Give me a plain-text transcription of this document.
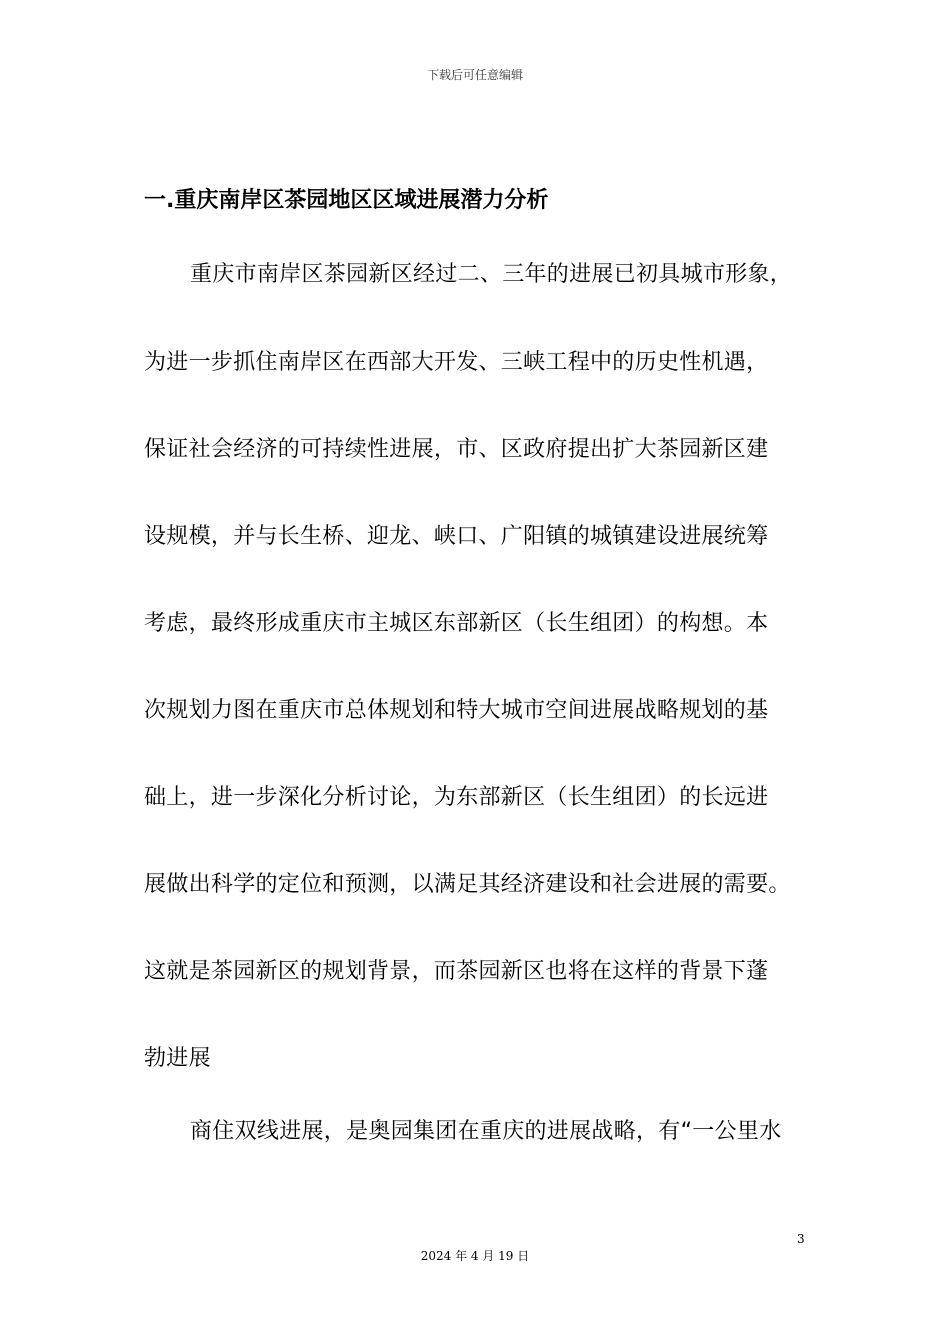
下载后可任意编辑
一.重庆南岸区茶园地区区域进展潜力分析
重庆市南岸区茶园新区经过二、三年的进展已初具城市形象，
为进一步抓住南岸区在西部大开发、三峡工程中的历史性机遇，
保证社会经济的可持续性进展，市、区政府提出扩大茶园新区建
设规模，并与长生桥、迎龙、峡口、广阳镇的城镇建设进展统筹
考虑，最终形成重庆市主城区东部新区（长生组团）的构想。本
次规划力图在重庆市总体规划和特大城市空间进展战略规划的基
础上，进一步深化分析讨论，为东部新区（长生组团）的长远进
展做出科学的定位和预测，以满足其经济建设和社会进展的需要。
这就是茶园新区的规划背景，而茶园新区也将在这样的背景下蓬
勃进展
商住双线进展，是奥园集团在重庆的进展战略，有“一公里水
3
2024 年 4 月 19 日
